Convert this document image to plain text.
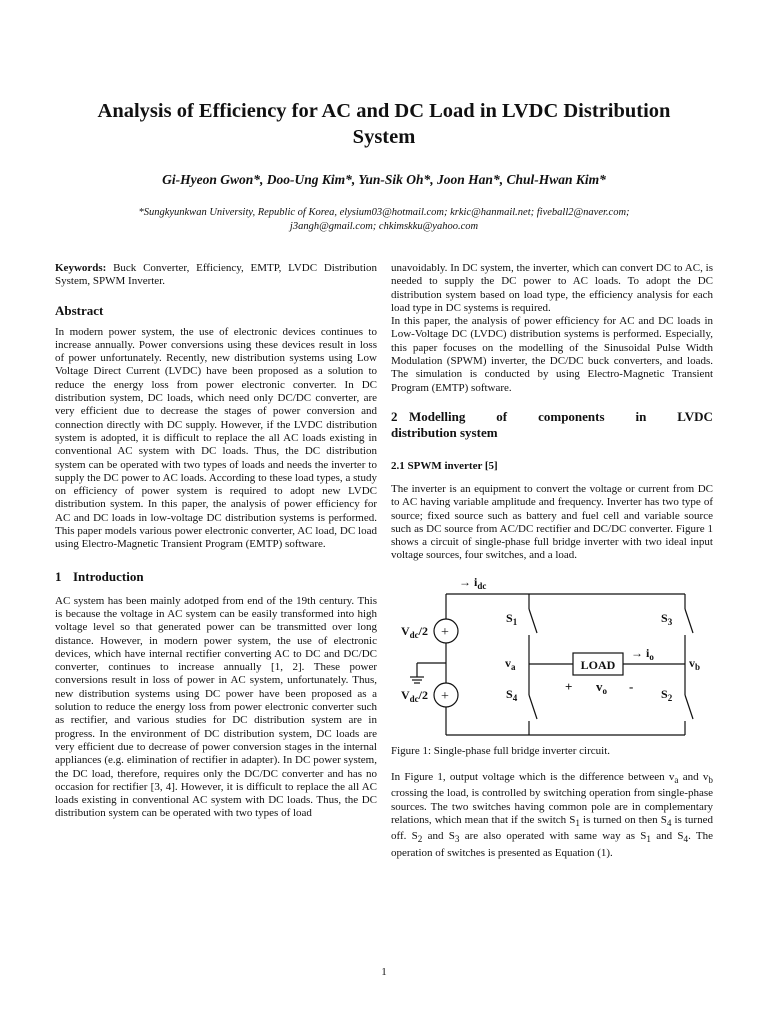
Analysis of Efficiency for AC and DC Load in LVDC Distribution
System
Gi-Hyeon Gwon*, Doo-Ung Kim*, Yun-Sik Oh*, Joon Han*, Chul-Hwan Kim*
*Sungkyunkwan University, Republic of Korea, elysium03@hotmail.com; krkic@hanmail.net; fiveball2@naver.com;
j3angh@gmail.com; chkimskku@yahoo.com

Keywords: Buck Converter, Efficiency, EMTP, LVDC Distribution System, SPWM Inverter.

Abstract

In modern power system, the use of electronic devices continues to increase annually. Power conversions using these devices result in loss of power unfortunately. Recently, new distribution systems using Low Voltage Direct Current (LVDC) have been proposed as a solution to reduce the energy loss from power electronic converter. In DC distribution system, DC loads, which need only DC/DC converter, are very efficient due to decrease the stages of power conversion and connection directly with DC supply. However, if the LVDC distribution system is adopted, it is difficult to replace the all AC loads existing in conventional AC system with DC loads. Thus, the DC distribution system can be operated with two types of loads and needs the inverter to supply the DC power to AC loads. According to these load types, a study on efficiency of power system is required to adopt new LVDC distribution system. In this paper, the analysis of power efficiency for AC and DC loads in low-voltage DC distribution systems is performed. This paper models various power electronic converter, AC load, DC load using Electro-Magnetic Transient Program (EMTP) software.

1 Introduction

AC system has been mainly adotped from end of the 19th century. This is because the voltage in AC system can be easily transformed into high voltage level so that generated power can be transmitted over long distance. However, in modern power system, the use of electronic devices, which have internal rectifier converting AC to DC and DC/DC converter, continues to increase annually [1, 2]. These power conversions result in loss of power in AC system, unfortunately. Thus, new distribution systems using DC power have been proposed as a solution to reduce the energy loss from power electronic converter such as rectifier, and various studies for DC distribution system are in progress. In the environment of DC distribution system, DC loads are very efficient due to decrease of power conversion stages in the internal appliances (e.g. elimination of rectifier in adapter). In DC power system, the DC load, therefore, requires only the DC/DC converter and has no occasion for rectifier [3, 4]. However, it is difficult to replace the all AC loads existing in conventional AC system with DC loads. Thus, the DC distribution system can be operated with two types of load

unavoidably. In DC system, the inverter, which can convert DC to AC, is needed to supply the DC power to AC loads. To adopt the DC distribution system based on load type, the efficiency analysis for each load type in DC systems is required.

In this paper, the analysis of power efficiency for AC and DC loads in Low-Voltage DC (LVDC) distribution systems is performed. Especially, this paper focuses on the modelling of the Sinusoidal Pulse Width Modulation (SPWM) inverter, the DC/DC buck converters, and loads. The simulation is conducted by using Electro-Magnetic Transient Program (EMTP) software.

2 Modelling of components in LVDC
distribution system
2.1 SPWM inverter [5]

The inverter is an equipment to convert the voltage or current from DC to AC having variable amplitude and frequency. Inverter has two type of source; fixed source such as battery and fuel cell and variable source such as DC source from AC/DC rectifier and DC/DC converter. Figure 1 shows a circuit of single-phase full bridge inverter with two ideal input voltage sources, four switches, and a load.

→ $i_{dc}$
$V_{dc}/2$
$V_{dc}/2$
$S_1$	$S_3$
$S_4$	$S_2$
$v_a$	$v_b$
LOAD
→ $i_o$
+ $v_o$ -
+
+

Figure 1: Single-phase full bridge inverter circuit.

In Figure 1, output voltage which is the difference between $v_a$ and $v_b$ crossing the load, is controlled by switching operation from single-phase sources. The two switches having common pole are in complementary relations, which mean that if the switch $S_1$ is turned on then $S_4$ is turned off. $S_2$ and $S_3$ are also operated with same way as $S_1$ and $S_4$. The operation of switches is presented as Equation (1).

1
